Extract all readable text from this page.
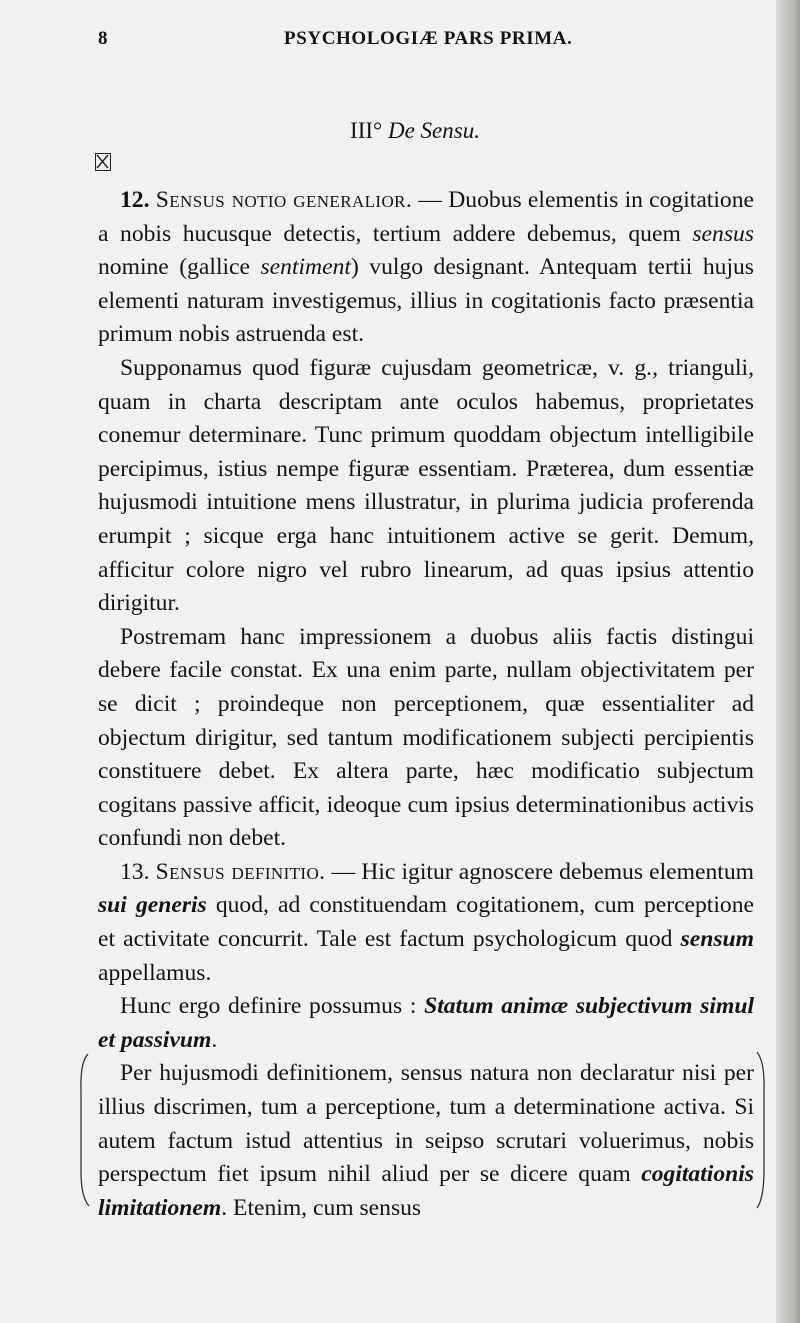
8	PSYCHOLOGIÆ PARS PRIMA.
III° De Sensu.

12. Sensus notio generalior. — Duobus elementis in cogitatione a nobis hucusque detectis, tertium addere debemus, quem sensus nomine (gallice sentiment) vulgo designant. Antequam tertii hujus elementi naturam investigemus, illius in cogitationis facto præsentia primum nobis astruenda est.

Supponamus quod figuræ cujusdam geometricæ, v. g., trianguli, quam in charta descriptam ante oculos habemus, proprietates conemur determinare. Tunc primum quoddam objectum intelligibile percipimus, istius nempe figuræ essentiam. Præterea, dum essentiæ hujusmodi intuitione mens illustratur, in plurima judicia proferenda erumpit ; sicque erga hanc intuitionem active se gerit. Demum, afficitur colore nigro vel rubro linearum, ad quas ipsius attentio dirigitur.

Postremam hanc impressionem a duobus aliis factis distingui debere facile constat. Ex una enim parte, nullam objectivitatem per se dicit ; proindeque non perceptionem, quæ essentialiter ad objectum dirigitur, sed tantum modificationem subjecti percipientis constituere debet. Ex altera parte, hæc modificatio subjectum cogitans passive afficit, ideoque cum ipsius determinationibus activis confundi non debet.

13. Sensus definitio. — Hic igitur agnoscere debemus elementum sui generis quod, ad constituendam cogitationem, cum perceptione et activitate concurrit. Tale est factum psychologicum quod sensum appellamus.

Hunc ergo definire possumus : Statum animæ subjectivum simul et passivum.

Per hujusmodi definitionem, sensus natura non declaratur nisi per illius discrimen, tum a perceptione, tum a determinatione activa. Si autem factum istud attentius in seipso scrutari voluerimus, nobis perspectum fiet ipsum nihil aliud per se dicere quam cogitationis limitationem. Etenim, cum sensus
